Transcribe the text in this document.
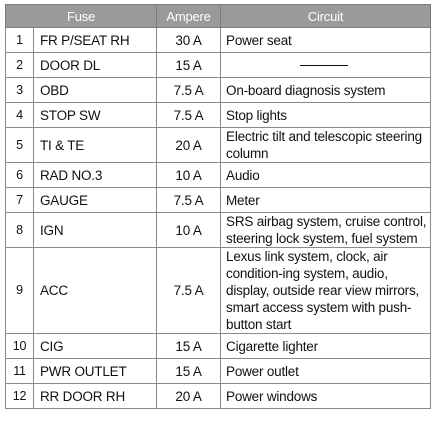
Fuse		Ampere	Circuit
1	FR P/SEAT RH	30 A	Power seat
2	DOOR DL	15 A	

3	OBD	7.5 A	On-board diagnosis system
4	STOP SW	7.5 A	Stop lights
5	TI & TE	20 A	Electric tilt and telescopic steering column
6	RAD NO.3	10 A	Audio
7	GAUGE	7.5 A	Meter
8	IGN	10 A	SRS airbag system, cruise control, steering lock system, fuel system
9	ACC	7.5 A	Lexus link system, clock, air condition-ing system, audio, display, outside rear view mirrors, smart access system with push-button start
10	CIG	15 A	Cigarette lighter
11	PWR OUTLET	15 A	Power outlet
12	RR DOOR RH	20 A	Power windows
